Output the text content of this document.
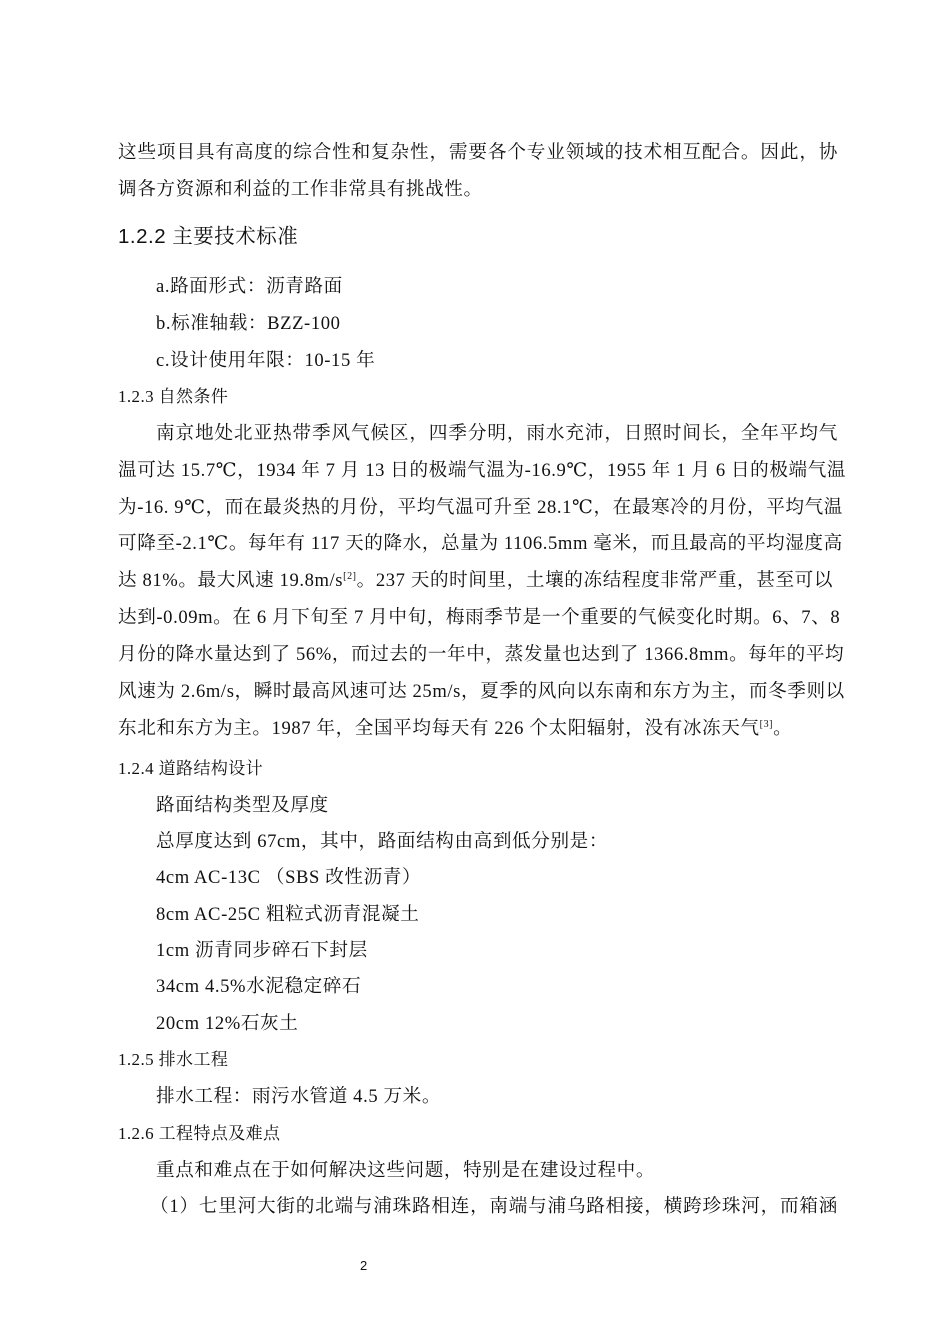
这些项目具有高度的综合性和复杂性，需要各个专业领域的技术相互配合。因此，协
调各方资源和利益的工作非常具有挑战性。
1.2.2 主要技术标准
a.路面形式：沥青路面
b.标准轴载：BZZ-100
c.设计使用年限：10-15 年
1.2.3 自然条件
南京地处北亚热带季风气候区，四季分明，雨水充沛，日照时间长，全年平均气
温可达 15.7℃，1934 年 7 月 13 日的极端气温为-16.9℃，1955 年 1 月 6 日的极端气温
为-16. 9℃，而在最炎热的月份，平均气温可升至 28.1℃，在最寒冷的月份，平均气温
可降至-2.1℃。每年有 117 天的降水，总量为 1106.5mm 毫米，而且最高的平均湿度高
达 81%。最大风速 19.8m/s[2]。237 天的时间里，土壤的冻结程度非常严重，甚至可以
达到-0.09m。在 6 月下旬至 7 月中旬，梅雨季节是一个重要的气候变化时期。6、7、8
月份的降水量达到了 56%，而过去的一年中，蒸发量也达到了 1366.8mm。每年的平均
风速为 2.6m/s，瞬时最高风速可达 25m/s，夏季的风向以东南和东方为主，而冬季则以
东北和东方为主。1987 年，全国平均每天有 226 个太阳辐射，没有冰冻天气[3]。
1.2.4 道路结构设计
路面结构类型及厚度
总厚度达到 67cm，其中，路面结构由高到低分别是：
4cm AC-13C （SBS 改性沥青）
8cm AC-25C 粗粒式沥青混凝土
1cm 沥青同步碎石下封层
34cm 4.5%水泥稳定碎石
20cm 12%石灰土
1.2.5 排水工程
排水工程：雨污水管道 4.5 万米。
1.2.6 工程特点及难点
重点和难点在于如何解决这些问题，特别是在建设过程中。
（1）七里河大街的北端与浦珠路相连，南端与浦乌路相接，横跨珍珠河，而箱涵
2
